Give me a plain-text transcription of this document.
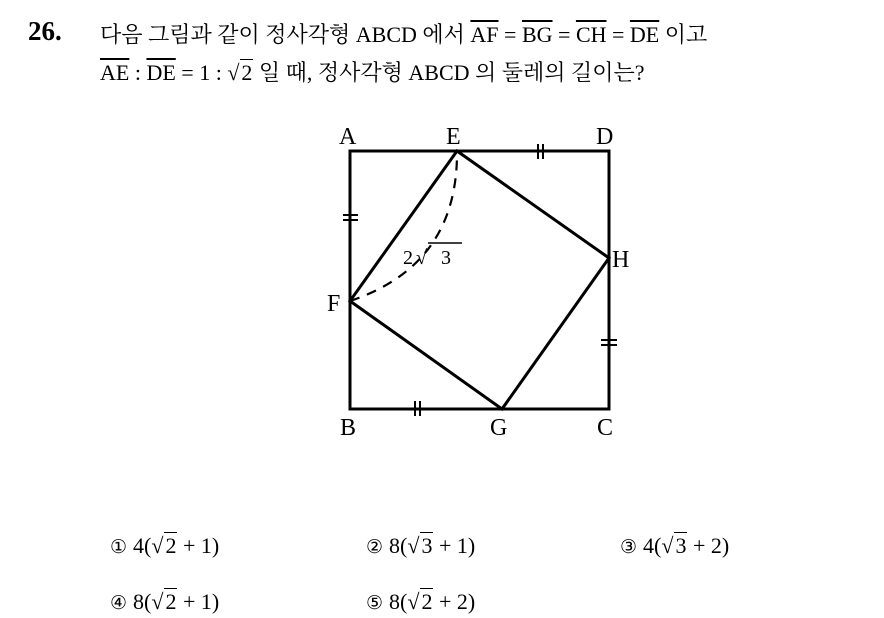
26. 다음 그림과 같이 정사각형 ABCD 에서 $\overline{AF} = \overline{BG} = \overline{CH} = \overline{DE}$ 이고
$\overline{AE}$ : $\overline{DE} = 1$ : √2 일 때, 정사각형 ABCD 의 둘레의 길이는?
A	E	D
H
F
B	G	C
2 √ 3
① 4(√2 + 1)	② 8(√3 + 1)	③ 4(√3 + 2)
④ 8(√2 + 1)	⑤ 8(√2 + 2)
